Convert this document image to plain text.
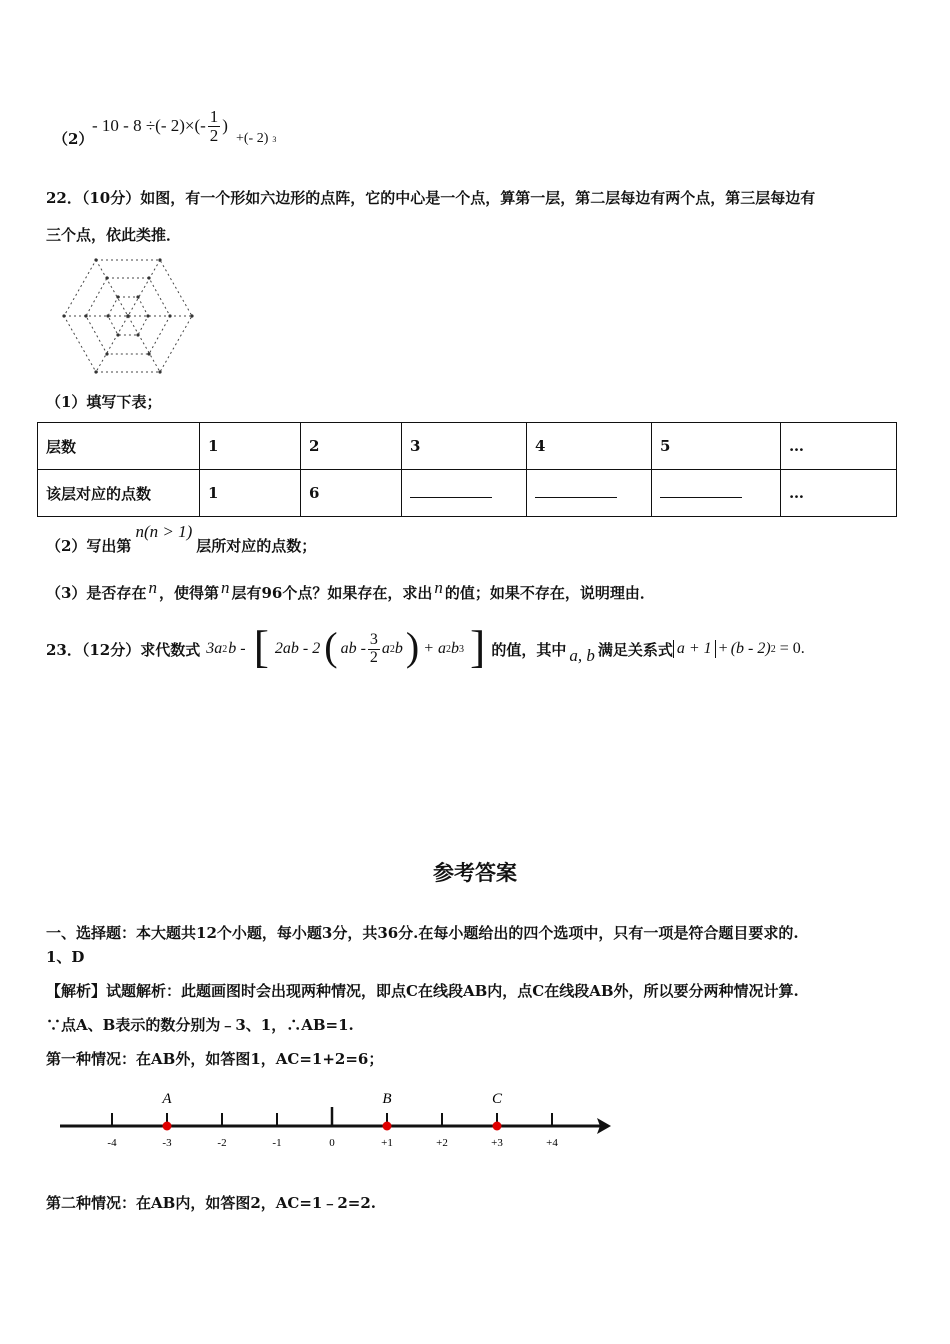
（2）
- 10 - 8 ÷(- $2)\times(- \frac{1}{2}$ )
+(- 2) 3
22．（10分）如图，有一个形如六边形的点阵，它的中心是一个点，算第一层，第二层每边有两个点，第三层每边有
三个点，依此类推．
（1）填写下表；
层数	1	2	3	4	5	…
该层对应的点数	1	6				…
（2）写出第
n(n > 1)
层所对应的点数；
（3）是否存在 n ，使得第 n 层有96个点？如果存在，求出 n 的值；如果不存在，说明理由．
23．（12分）求代数式 3a 2 b - [ 2ab - 2 ( ab - $\frac{3}{2}$ a 2 b ) + a 2 b 3 ] 的值，其中 a, b 满足关系式 a + 1 + (b - 2) 2 = 0 .
参考答案
一、选择题：本大题共12个小题，每小题3分，共36分.在每小题给出的四个选项中，只有一项是符合题目要求的.
1、D
【解析】试题解析：此题画图时会出现两种情况，即点C在线段AB内，点C在线段AB外，所以要分两种情况计算.
∵点A、B表示的数分别为﹣3、1，∴AB=1.
第一种情况：在AB外，如答图1，AC=1+2=6；
-4	-3	-2	-1	0	+1	+2	+3	+4
A	B	C
第二种情况：在AB内，如答图2，AC=1﹣2=2.
